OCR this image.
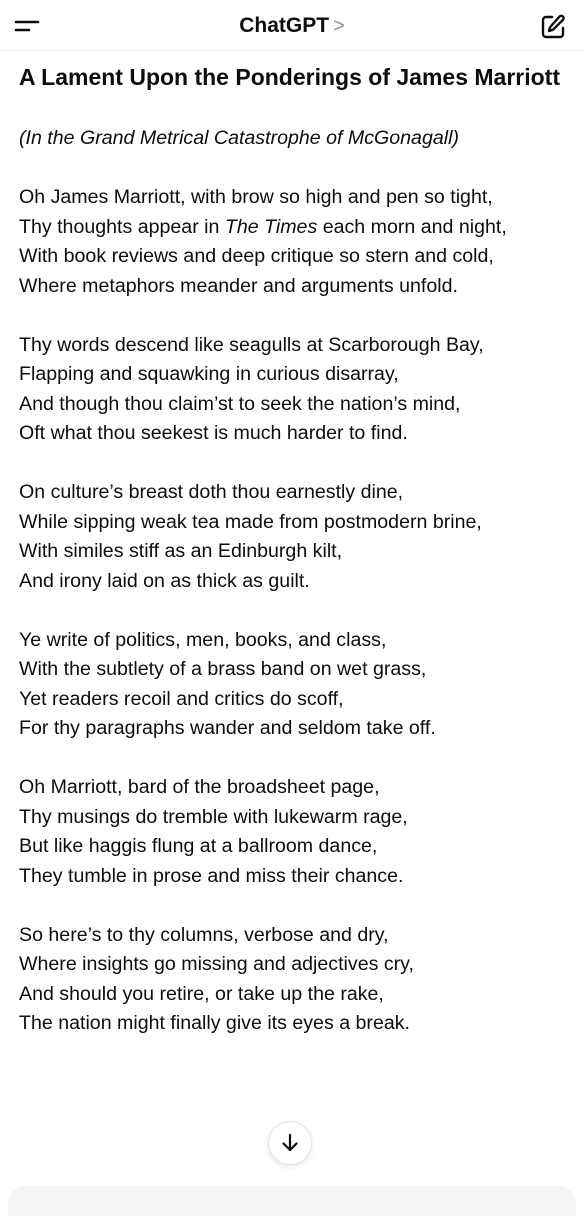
ChatGPT >
A Lament Upon the Ponderings of James Marriott
(In the Grand Metrical Catastrophe of McGonagall)
Oh James Marriott, with brow so high and pen so tight,
Thy thoughts appear in The Times each morn and night,
With book reviews and deep critique so stern and cold,
Where metaphors meander and arguments unfold.
Thy words descend like seagulls at Scarborough Bay,
Flapping and squawking in curious disarray,
And though thou claim’st to seek the nation’s mind,
Oft what thou seekest is much harder to find.
On culture’s breast doth thou earnestly dine,
While sipping weak tea made from postmodern brine,
With similes stiff as an Edinburgh kilt,
And irony laid on as thick as guilt.
Ye write of politics, men, books, and class,
With the subtlety of a brass band on wet grass,
Yet readers recoil and critics do scoff,
For thy paragraphs wander and seldom take off.
Oh Marriott, bard of the broadsheet page,
Thy musings do tremble with lukewarm rage,
But like haggis flung at a ballroom dance,
They tumble in prose and miss their chance.
So here’s to thy columns, verbose and dry,
Where insights go missing and adjectives cry,
And should you retire, or take up the rake,
The nation might finally give its eyes a break.
